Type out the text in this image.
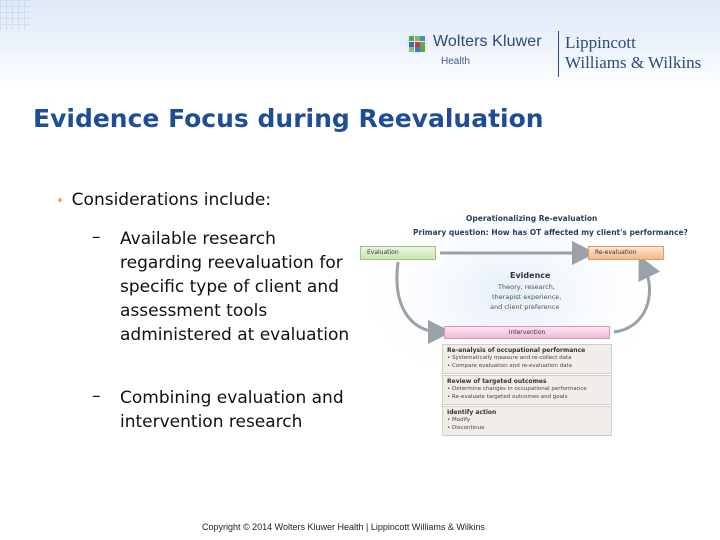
Wolters Kluwer
Health
Lippincott
Williams & Wilkins
Evidence Focus during Reevaluation
• Considerations include:
–	Available research regarding reevaluation for specific type of client and assessment tools administered at evaluation
–	Combining evaluation and intervention research
Operationalizing Re-evaluation
Primary question: How has OT affected my client's performance?
Evaluation	Re-evaluation
Evidence
Theory, research,
therapist experience,
and client preference
Intervention
Re-analysis of occupational performance
• Systematically measure and re-collect data
• Compare evaluation and re-evaluation data
Review of targeted outcomes
• Determine changes in occupational performance
• Re-evaluate targeted outcomes and goals
Identify action
• Modify
• Discontinue
Copyright © 2014 Wolters Kluwer Health | Lippincott Williams & Wilkins
